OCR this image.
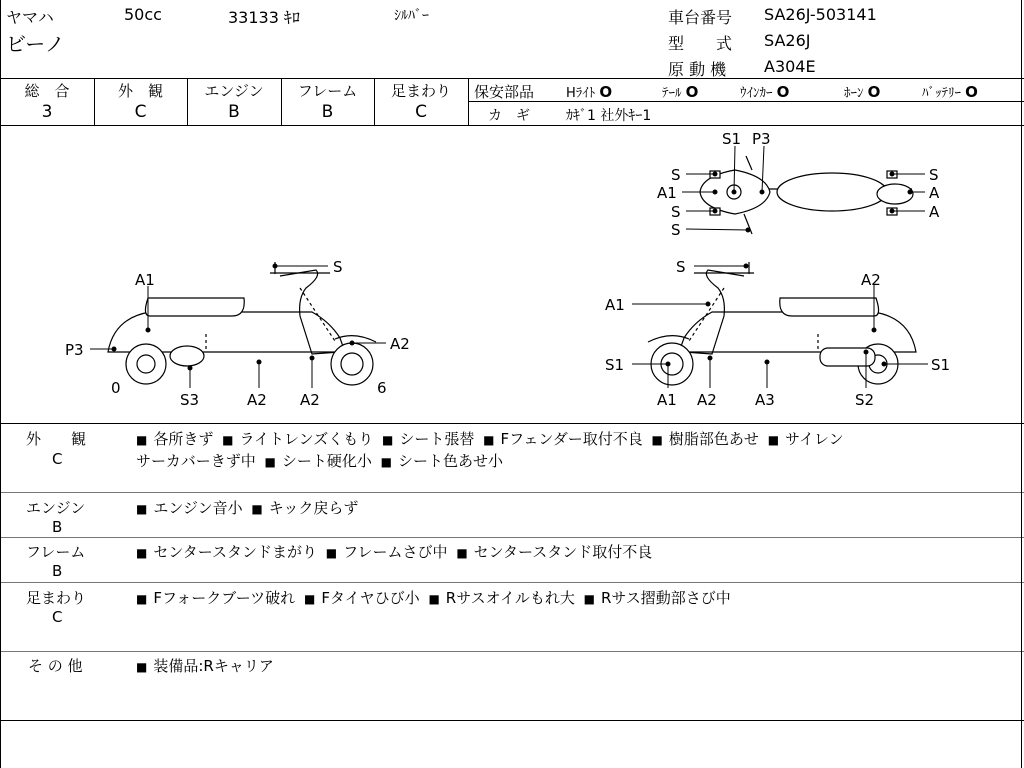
ヤマハ	50cc	33133 ｷﾛ	ｼﾙﾊﾞｰ
ビーノ
車台番号 SA26J-503141
型　　式 SA26J
原 動 機 A304E
総　合
3
外　観
C
エンジン
B
フレーム
B
足まわり
C
保安部品 Hﾗｲﾄ O	ﾃｰﾙ O	ｳｲﾝｶｰ O	ﾎｰﾝ O	ﾊﾞｯﾃﾘｰ O
カ　ギ	ｶｷﾞ1 社外ｷｰ1
S1 P3
S	S
A1	A
S	A
S
S
A1
P3	A2
0
S3	A2 A2
6
S
A2
A1
S1	S1
A1 A2	A3	S2
外　　観
C
■ 各所きず ■ ライトレンズくもり ■ シート張替 ■ Fフェンダー取付不良 ■ 樹脂部色あせ ■ サイレン
サーカバーきず中 ■ シート硬化小 ■ シート色あせ小
エンジン
B
■ エンジン音小 ■ キック戻らず
フレーム
B
■ センタースタンドまがり ■ フレームさび中 ■ センタースタンド取付不良
足まわり
C
■ Fフォークブーツ破れ ■ Fタイヤひび小 ■ Rサスオイルもれ大 ■ Rサス摺動部さび中
そ の 他	■ 装備品:Rキャリア
